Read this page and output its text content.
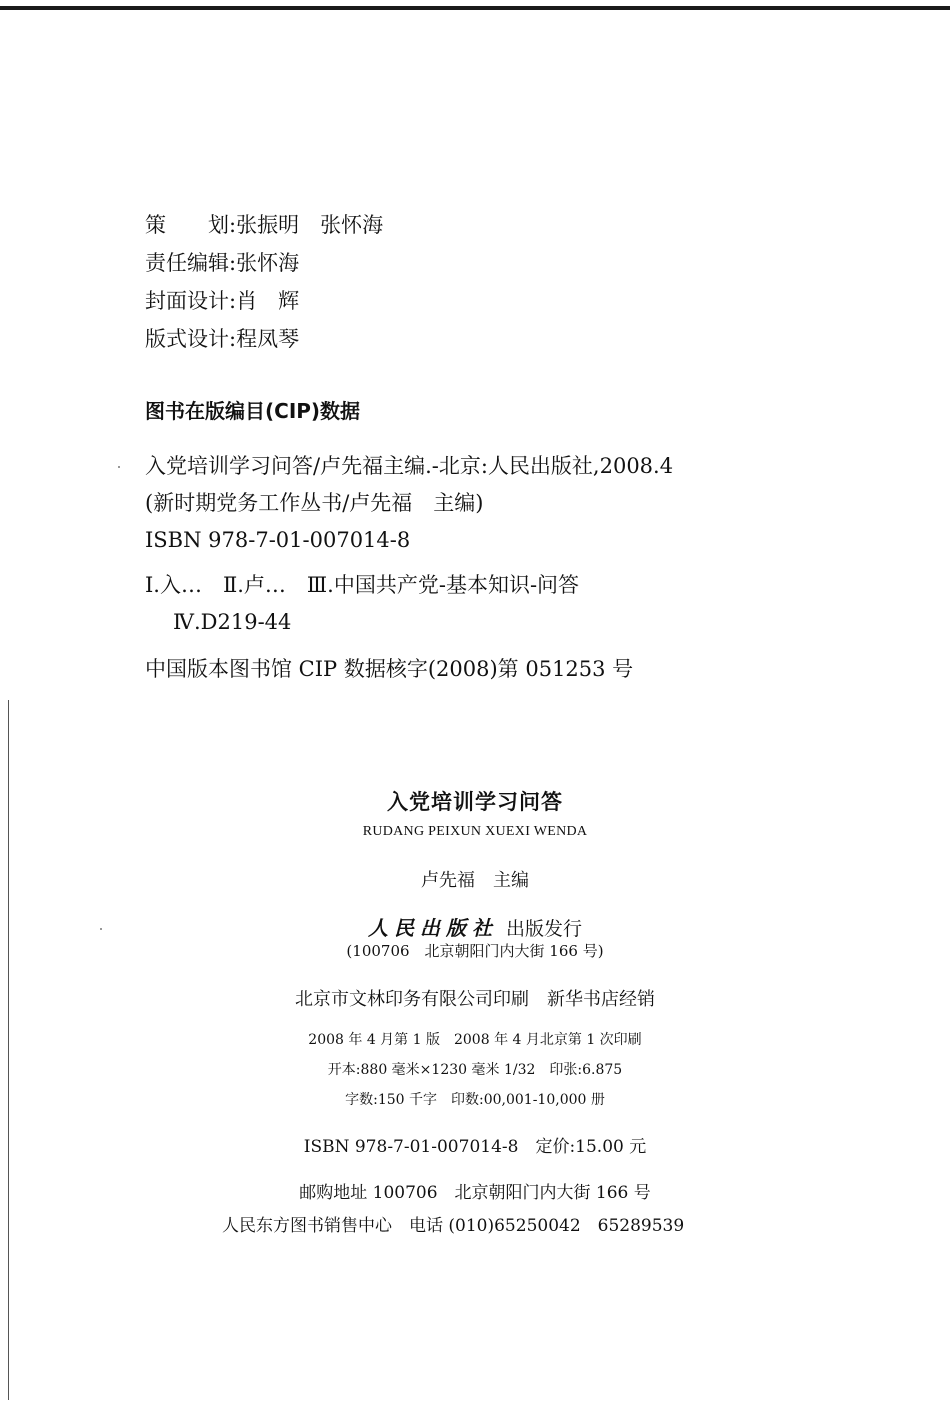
策　　划:张振明　张怀海
责任编辑:张怀海
封面设计:肖　辉
版式设计:程凤琴
图书在版编目(CIP)数据
入党培训学习问答/卢先福主编.-北京:人民出版社,2008.4
(新时期党务工作丛书/卢先福　主编)
ISBN 978-7-01-007014-8
Ⅰ.入…　Ⅱ.卢…　Ⅲ.中国共产党-基本知识-问答
Ⅳ.D219-44
中国版本图书馆 CIP 数据核字(2008)第 051253 号
入党培训学习问答
RUDANG PEIXUN XUEXI WENDA
卢先福　主编
人民出版社 出版发行
(100706　北京朝阳门内大街 166 号)
北京市文林印务有限公司印刷　新华书店经销
2008 年 4 月第 1 版　2008 年 4 月北京第 1 次印刷
开本:880 毫米×1230 毫米 1/32　印张:6.875
字数:150 千字　印数:00,001-10,000 册
ISBN 978-7-01-007014-8　定价:15.00 元
邮购地址 100706　北京朝阳门内大街 166 号
人民东方图书销售中心　电话 (010)65250042　65289539
